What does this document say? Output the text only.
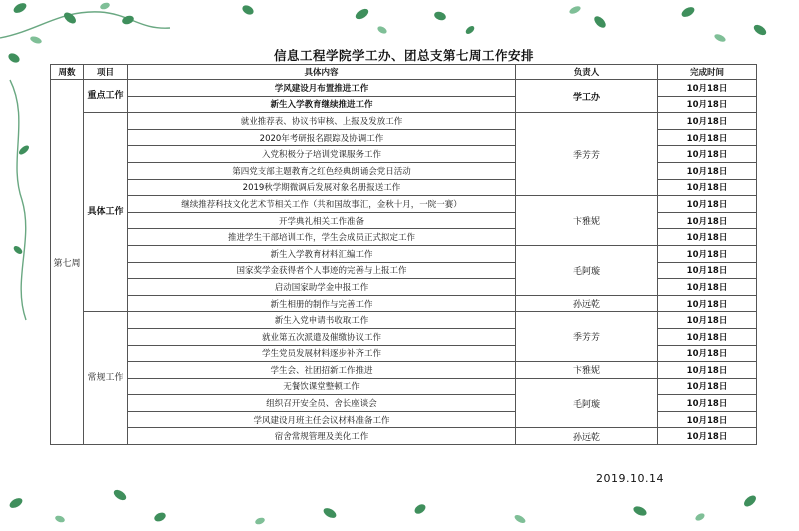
信息工程学院学工办、团总支第七周工作安排
周数	项目	具体内容	负责人	完成时间
第七周	重点工作	学风建设月布置推进工作	学工办	10月18日
		新生入学教育继续推进工作		10月18日
	具体工作	就业推荐表、协议书审核、上报及发放工作	季芳芳	10月18日
		2020年考研报名跟踪及协调工作		10月18日
		入党积极分子培训党课服务工作		10月18日
		第四党支部主题教育之红色经典朗诵会党日活动		10月18日
		2019秋学期微调后发展对象名册报送工作		10月18日
		继续推荐科技文化艺术节相关工作（共和国故事汇，金秋十月，一院一赛）	卞雅妮	10月18日
		开学典礼相关工作准备		10月18日
		推进学生干部培训工作，学生会成员正式拟定工作		10月18日
		新生入学教育材料汇编工作	毛阿璇	10月18日
		国家奖学金获得者个人事迹的完善与上报工作		10月18日
		启动国家助学金申报工作		10月18日
		新生相册的制作与完善工作	孙远乾	10月18日
	常规工作	新生入党申请书收取工作	季芳芳	10月18日
		就业第五次派遣及催缴协议工作		10月18日
		学生党员发展材料逐步补齐工作		10月18日
		学生会、社团招新工作推进	卞雅妮	10月18日
		无餐饮课堂整顿工作	毛阿璇	10月18日
		组织召开安全员、舍长座谈会		10月18日
		学风建设月班主任会议材料准备工作		10月18日
		宿舍常规管理及美化工作	孙远乾	10月18日
2019.10.14
